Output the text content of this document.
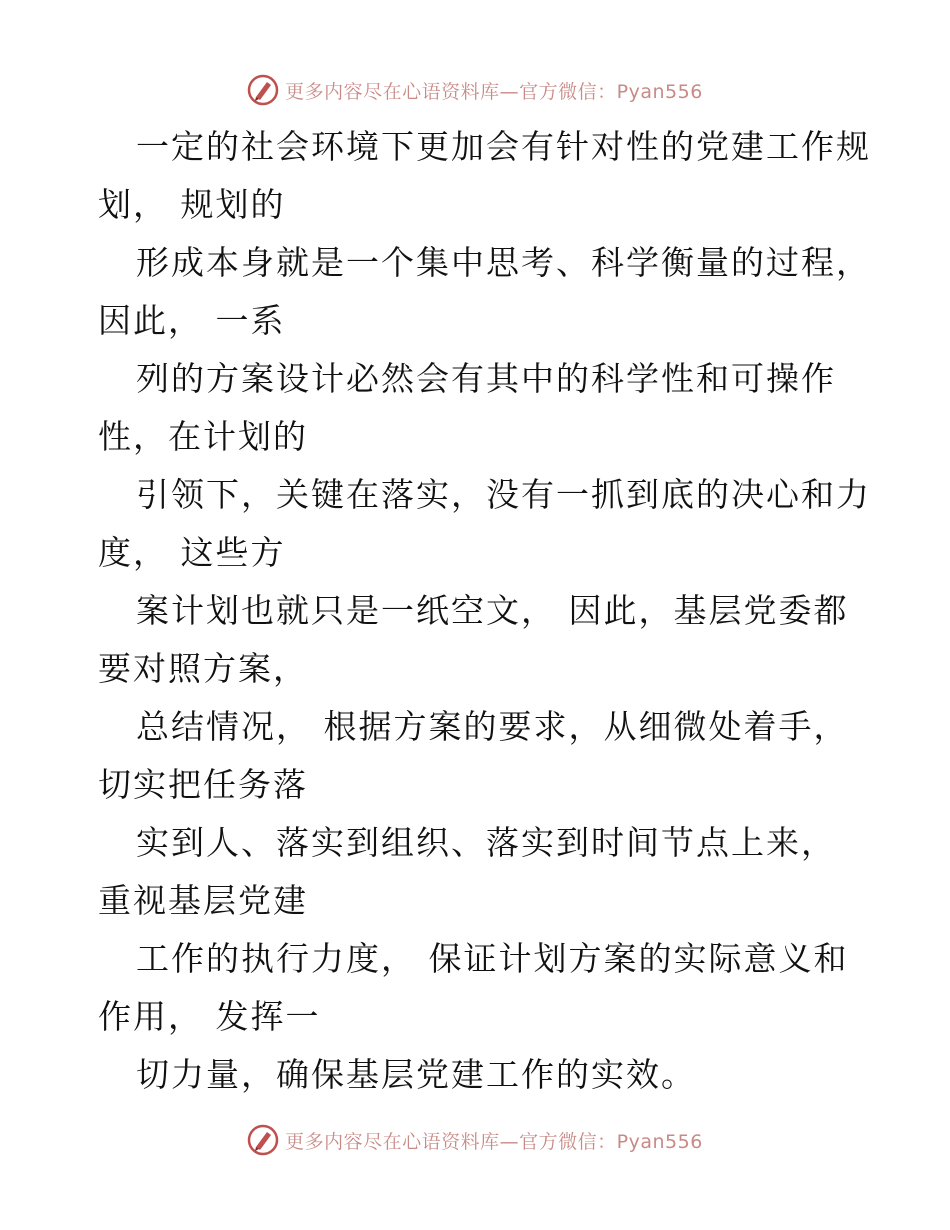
更多内容尽在心语资料库—官方微信：Pyan556
一定的社会环境下更加会有针对性的党建工作规
划， 规划的
形成本身就是一个集中思考、科学衡量的过程，
因此， 一系
列的方案设计必然会有其中的科学性和可操作
性，在计划的
引领下，关键在落实，没有一抓到底的决心和力
度， 这些方
案计划也就只是一纸空文， 因此，基层党委都
要对照方案，
总结情况， 根据方案的要求，从细微处着手，
切实把任务落
实到人、落实到组织、落实到时间节点上来，
重视基层党建
工作的执行力度， 保证计划方案的实际意义和
作用， 发挥一
切力量，确保基层党建工作的实效。
更多内容尽在心语资料库—官方微信：Pyan556
